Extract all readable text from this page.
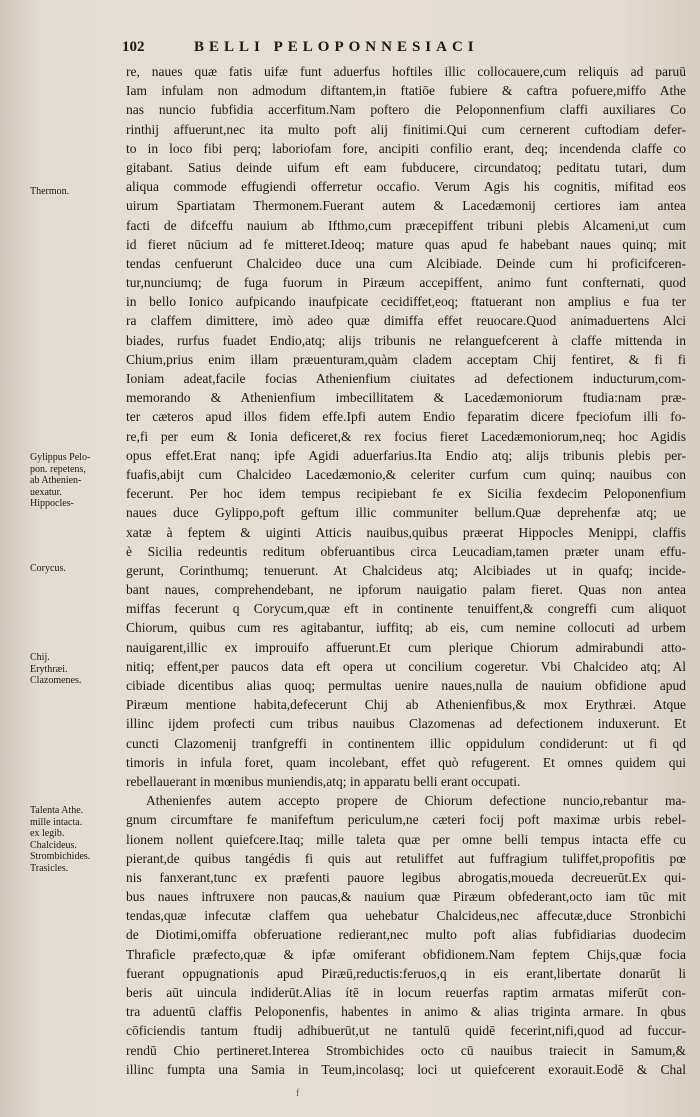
102	BELLI PELOPONNESIACI
Thermon.
Gylippus Pelo-
pon. repetens,
ab Athenien-
uexatur.
Hippocles-
Corycus.
Chij.
Erythræi.
Clazomenes.
Talenta Athe.
mille intacta.
ex legib.
Chalcideus.
Strombichides.
Trasicles.
re, naues quæ fatis uifæ funt aduerfus hoftiles illic collocauere,cum reliquis ad paruū
Iam infulam non admodum diftantem,in ftatiōe fubiere & caftra pofuere,miffo Athe
nas nuncio fubfidia accerfitum.Nam poftero die Peloponnenfium claffi auxiliares Co
rinthij affuerunt,nec ita multo poft alij finitimi.Qui cum cernerent cuftodiam defer-
to in loco fibi perq; laboriofam fore, ancipiti confilio erant, deq; incendenda claffe co
gitabant. Satius deinde uifum eft eam fubducere, circundatoq; peditatu tutari, dum
aliqua commode effugiendi offerretur occafio. Verum Agis his cognitis, mifitad eos
uirum Spartiatam Thermonem.Fuerant autem & Lacedæmonij certiores iam antea
facti de difceffu nauium ab Ifthmo,cum præcepiffent tribuni plebis Alcameni,ut cum
id fieret nūcium ad fe mitteret.Ideoq; mature quas apud fe habebant naues quinq; mit
tendas cenfuerunt Chalcideo duce una cum Alcibiade. Deinde cum hi proficifceren-
tur,nunciumq; de fuga fuorum in Piræum accepiffent, animo funt confternati, quod
in bello Ionico aufpicando inaufpicate cecidiffet,eoq; ftatuerant non amplius e fua ter
ra claffem dimittere, imò adeo quæ dimiffa effet reuocare.Quod animaduertens Alci
biades, rurfus fuadet Endio,atq; alijs tribunis ne relanguefcerent à claffe mittenda in
Chium,prius enim illam præuenturam,quàm cladem acceptam Chij fentiret, & fi fi
Ioniam adeat,facile focias Athenienfium ciuitates ad defectionem inducturum,com-
memorando & Athenienfium imbecillitatem & Lacedæmoniorum ftudia:nam præ-
ter cæteros apud illos fidem effe.Ipfi autem Endio feparatim dicere fpeciofum illi fo-
re,fi per eum & Ionia deficeret,& rex focius fieret Lacedæmoniorum,neq; hoc Agidis
opus effet.Erat nanq; ipfe Agidi aduerfarius.Ita Endio atq; alijs tribunis plebis per-
fuafis,abijt cum Chalcideo Lacedæmonio,& celeriter curfum cum quinq; nauibus con
fecerunt. Per hoc idem tempus recipiebant fe ex Sicilia fexdecim Peloponenfium
naues duce Gylippo,poft geftum illic communiter bellum.Quæ deprehenfæ atq; ue
xatæ à feptem & uiginti Atticis nauibus,quibus præerat Hippocles Menippi, claffis
è Sicilia redeuntis reditum obferuantibus circa Leucadiam,tamen præter unam effu-
gerunt, Corinthumq; tenuerunt. At Chalcideus atq; Alcibiades ut in quafq; incide-
bant naues, comprehendebant, ne ipforum nauigatio palam fieret. Quas non antea
miffas fecerunt q Corycum,quæ eft in continente tenuiffent,& congreffi cum aliquot
Chiorum, quibus cum res agitabantur, iuffitq; ab eis, cum nemine collocuti ad urbem
nauigarent,illic ex improuifo affuerunt.Et cum plerique Chiorum admirabundi atto-
nitiq; effent,per paucos data eft opera ut concilium cogeretur. Vbi Chalcideo atq; Al
cibiade dicentibus alias quoq; permultas uenire naues,nulla de nauium obfidione apud
Piræum mentione habita,defecerunt Chij ab Athenienfibus,& mox Erythræi. Atque
illinc ijdem profecti cum tribus nauibus Clazomenas ad defectionem induxerunt. Et
cuncti Clazomenij tranfgreffi in continentem illic oppidulum condiderunt: ut fi qd
timoris in infula foret, quam incolebant, effet quò refugerent. Et omnes quidem qui
rebellauerant in mœnibus muniendis,atq; in apparatu belli erant occupati.
Athenienfes autem accepto propere de Chiorum defectione nuncio,rebantur ma-
gnum circumftare fe manifeftum periculum,ne cæteri focij poft maximæ urbis rebel-
lionem nollent quiefcere.Itaq; mille taleta quæ per omne belli tempus intacta effe cu
pierant,de quibus tangédis fi quis aut retuliffet aut fuffragium tuliffet,propofitis pœ
nis fanxerant,tunc ex præfenti pauore legibus abrogatis,moueda decreuerūt.Ex qui-
bus naues inftruxere non paucas,& nauium quæ Piræum obfederant,octo iam tūc mit
tendas,quæ infecutæ claffem qua uehebatur Chalcideus,nec affecutæ,duce Stronbichi
de Diotimi,omiffa obferuatione redierant,nec multo poft alias fubfidiarias duodecim
Thrafìcle præfecto,quæ & ipfæ omiferant obfidionem.Nam feptem Chijs,quæ focia
fuerant oppugnationis apud Piræū,reductis:feruos,q in eis erant,libertate donarūt li
beris aūt uincula indiderūt.Alias ítē in locum reuerfas raptim armatas miferūt con-
tra aduentū claffis Peloponenfis, habentes in animo & alias triginta armare. In qbus
cōficiendis tantum ftudij adhibuerūt,ut ne tantulū quidē fecerint,nifi,quod ad fuccur-
rendū Chio pertineret.Interea Strombichides octo cū nauibus traiecit in Samum,&
illinc fumpta una Samia in Teum,incolasq; loci ut quiefcerent exorauit.Eodē & Chal
f
